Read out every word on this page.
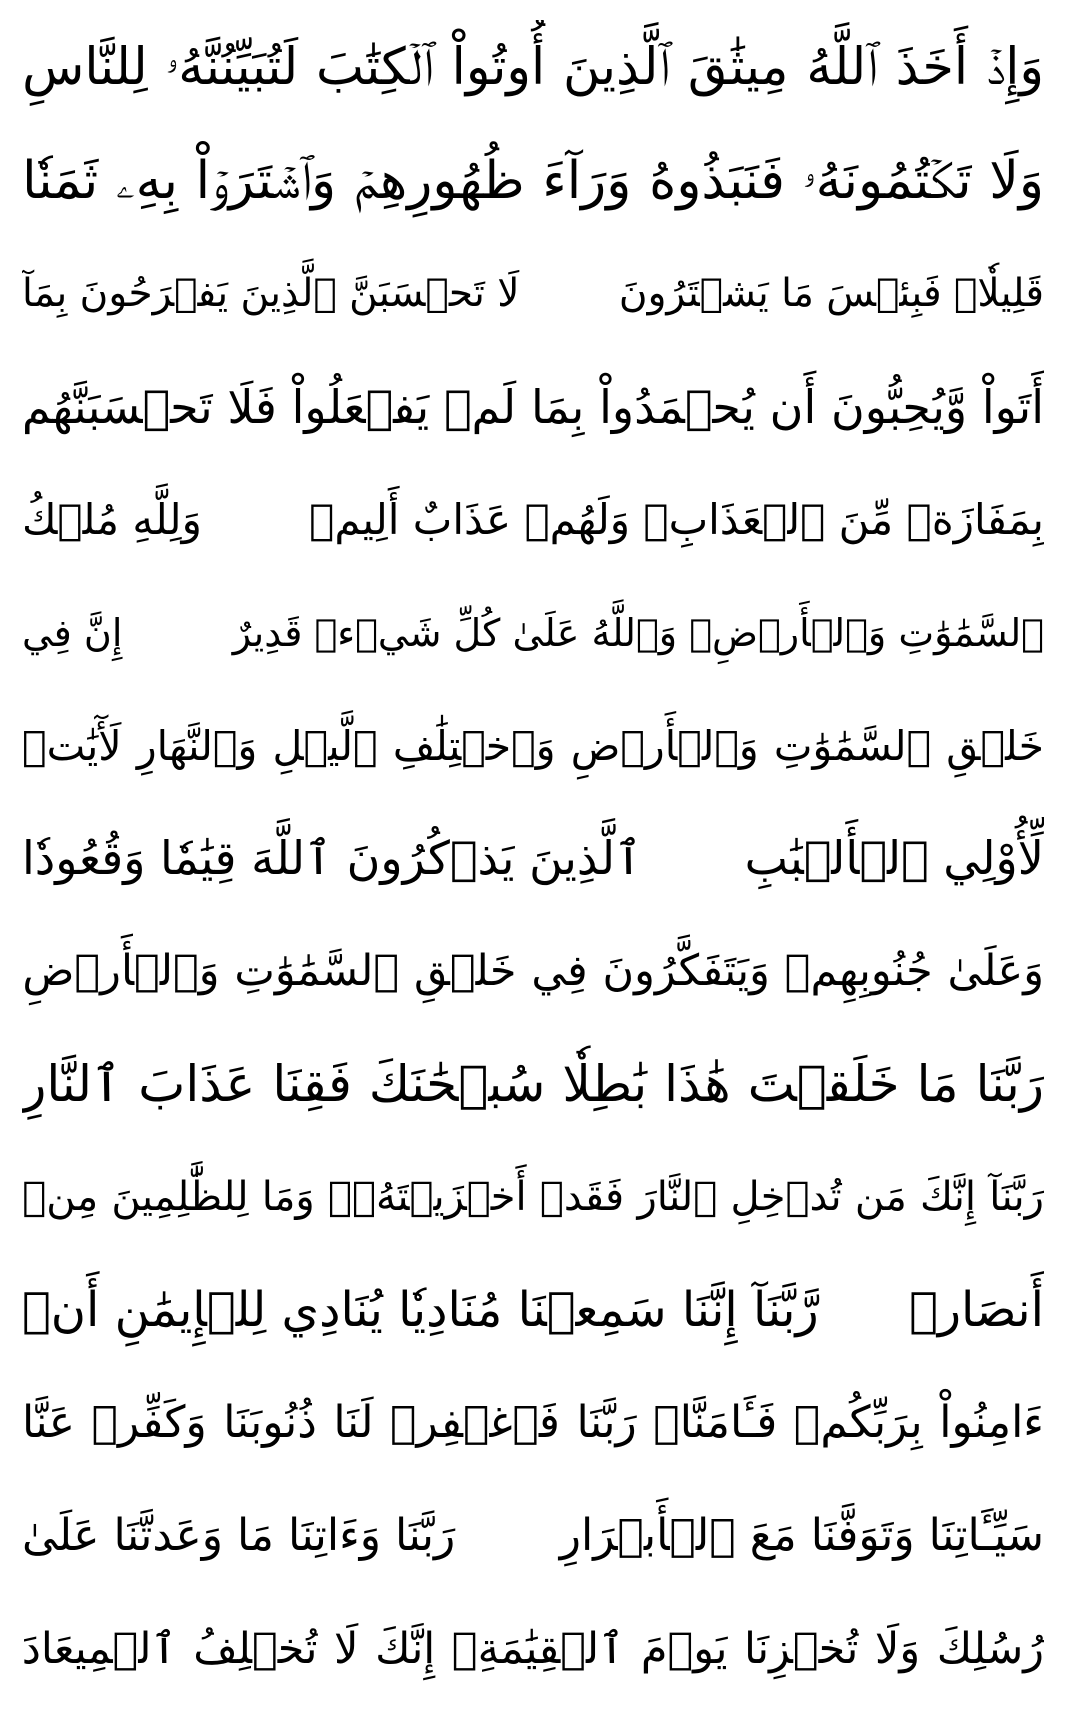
وَإِذۡ أَخَذَ ٱللَّهُ مِيثَٰقَ ٱلَّذِينَ أُوتُواْ ٱلۡكِتَٰبَ لَتُبَيِّنُنَّهُۥ لِلنَّاسِ
وَلَا تَكۡتُمُونَهُۥ فَنَبَذُوهُ وَرَآءَ ظُهُورِهِمۡ وَٱشۡتَرَوۡاْ بِهِۦ ثَمَنٗا
قَلِيلٗاۖ فَبِئۡسَ مَا يَشۡتَرُونَ
لَا تَحۡسَبَنَّ ٱلَّذِينَ يَفۡرَحُونَ بِمَآ
أَتَواْ وَّيُحِبُّونَ أَن يُحۡمَدُواْ بِمَا لَمۡ يَفۡعَلُواْ فَلَا تَحۡسَبَنَّهُم
بِمَفَازَةٖ مِّنَ ٱلۡعَذَابِۖ وَلَهُمۡ عَذَابٌ أَلِيمٞ
وَلِلَّهِ مُلۡكُ
ٱلسَّمَٰوَٰتِ وَٱلۡأَرۡضِۗ وَٱللَّهُ عَلَىٰ كُلِّ شَيۡءٖ قَدِيرٌ
إِنَّ فِي
خَلۡقِ ٱلسَّمَٰوَٰتِ وَٱلۡأَرۡضِ وَٱخۡتِلَٰفِ ٱلَّيۡلِ وَٱلنَّهَارِ لَأٓيَٰتٖ
لِّأُوْلِي ٱلۡأَلۡبَٰبِ
ٱلَّذِينَ يَذۡكُرُونَ ٱللَّهَ قِيَٰمٗا وَقُعُودٗا
وَعَلَىٰ جُنُوبِهِمۡ وَيَتَفَكَّرُونَ فِي خَلۡقِ ٱلسَّمَٰوَٰتِ وَٱلۡأَرۡضِ
رَبَّنَا مَا خَلَقۡتَ هَٰذَا بَٰطِلٗا سُبۡحَٰنَكَ فَقِنَا عَذَابَ ٱلنَّارِ
رَبَّنَآ إِنَّكَ مَن تُدۡخِلِ ٱلنَّارَ فَقَدۡ أَخۡزَيۡتَهُۥۖ وَمَا لِلظَّٰلِمِينَ مِنۡ
أَنصَارٖ
رَّبَّنَآ إِنَّنَا سَمِعۡنَا مُنَادِيٗا يُنَادِي لِلۡإِيمَٰنِ أَنۡ
ءَامِنُواْ بِرَبِّكُمۡ فَـَٔامَنَّاۚ رَبَّنَا فَٱغۡفِرۡ لَنَا ذُنُوبَنَا وَكَفِّرۡ عَنَّا
سَيِّـَٔاتِنَا وَتَوَفَّنَا مَعَ ٱلۡأَبۡرَارِ
رَبَّنَا وَءَاتِنَا مَا وَعَدتَّنَا عَلَىٰ
رُسُلِكَ وَلَا تُخۡزِنَا يَوۡمَ ٱلۡقِيَٰمَةِۖ إِنَّكَ لَا تُخۡلِفُ ٱلۡمِيعَادَ
